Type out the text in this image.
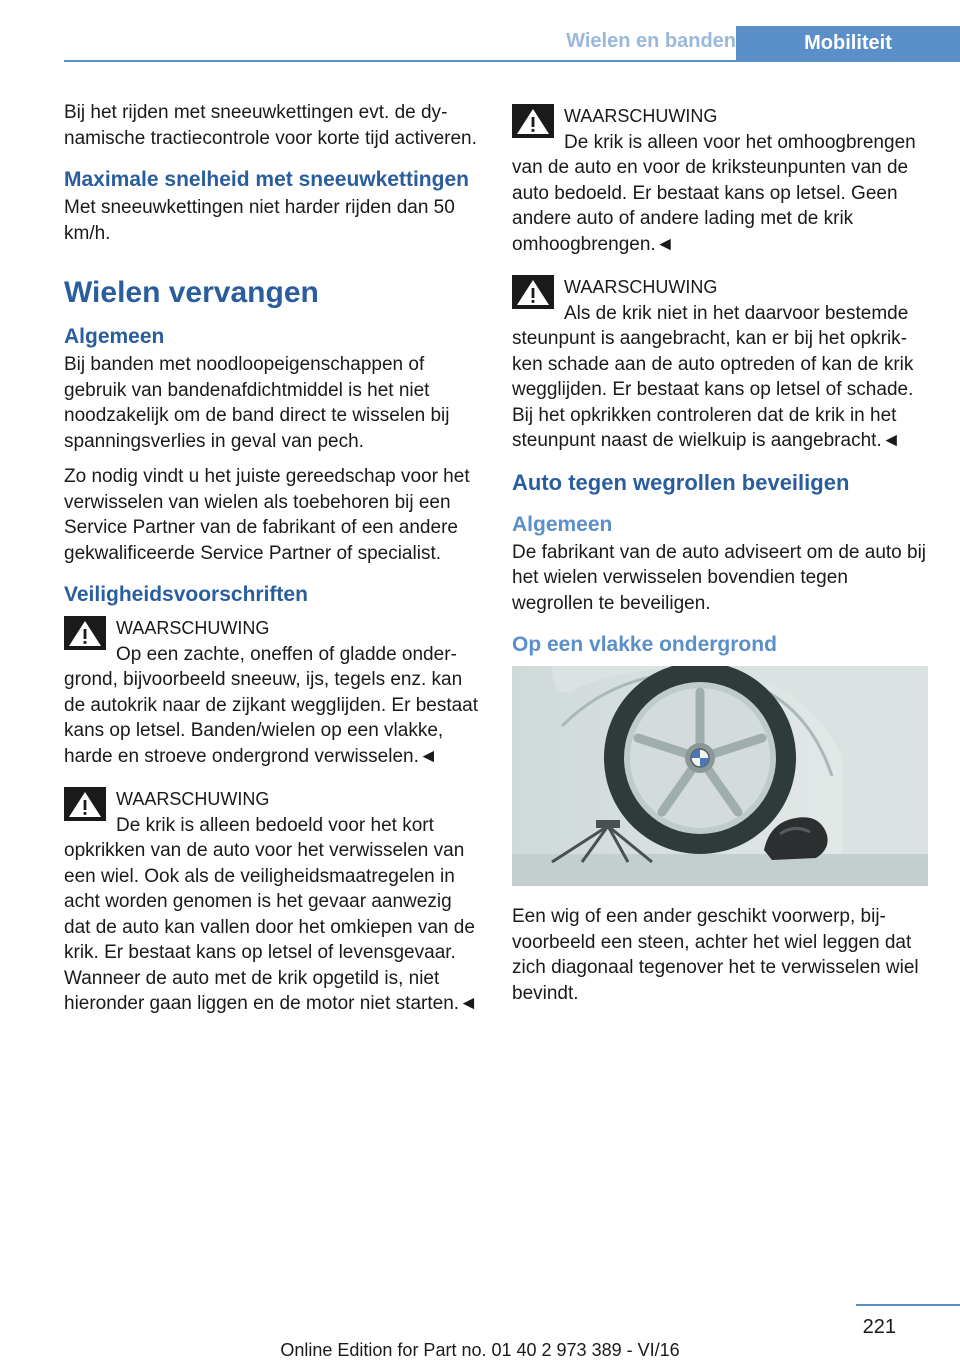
Wielen en banden	Mobiliteit

Bij het rijden met sneeuwkettingen evt. de dynamische tractiecontrole voor korte tijd activeren.

Maximale snelheid met sneeuwkettingen

Met sneeuwkettingen niet harder rijden dan 50 km/h.

Wielen vervangen
Algemeen

Bij banden met noodloopeigenschappen of gebruik van bandenafdichtmiddel is het niet noodzakelijk om de band direct te wisselen bij spanningsverlies in geval van pech.

Zo nodig vindt u het juiste gereedschap voor het verwisselen van wielen als toebehoren bij een Service Partner van de fabrikant of een andere gekwalificeerde Service Partner of specialist.

Veiligheidsvoorschriften
WAARSCHUWING
Op een zachte, oneffen of gladde ondergrond, bijvoorbeeld sneeuw, ijs, tegels enz. kan de autokrik naar de zijkant wegglijden. Er bestaat kans op letsel. Banden/wielen op een vlakke, harde en stroeve ondergrond verwisselen.◄
WAARSCHUWING
De krik is alleen bedoeld voor het kort opkrikken van de auto voor het verwisselen van een wiel. Ook als de veiligheidsmaatregelen in acht worden genomen is het gevaar aanwezig dat de auto kan vallen door het omkiepen van de krik. Er bestaat kans op letsel of levensgevaar. Wanneer de auto met de krik opgetild is, niet hieronder gaan liggen en de motor niet starten.◄
WAARSCHUWING
De krik is alleen voor het omhoogbrengen van de auto en voor de kriksteunpunten van de auto bedoeld. Er bestaat kans op letsel. Geen andere auto of andere lading met de krik omhoogbrengen.◄
WAARSCHUWING
Als de krik niet in het daarvoor bestemde steunpunt is aangebracht, kan er bij het opkrikken schade aan de auto optreden of kan de krik wegglijden. Er bestaat kans op letsel of schade. Bij het opkrikken controleren dat de krik in het steunpunt naast de wielkuip is aangebracht.◄
Auto tegen wegrollen beveiligen
Algemeen

De fabrikant van de auto adviseert om de auto bij het wielen verwisselen bovendien tegen wegrollen te beveiligen.

Op een vlakke ondergrond

Een wig of een ander geschikt voorwerp, bijvoorbeeld een steen, achter het wiel leggen dat zich diagonaal tegenover het te verwisselen wiel bevindt.

221
Online Edition for Part no. 01 40 2 973 389 - VI/16
